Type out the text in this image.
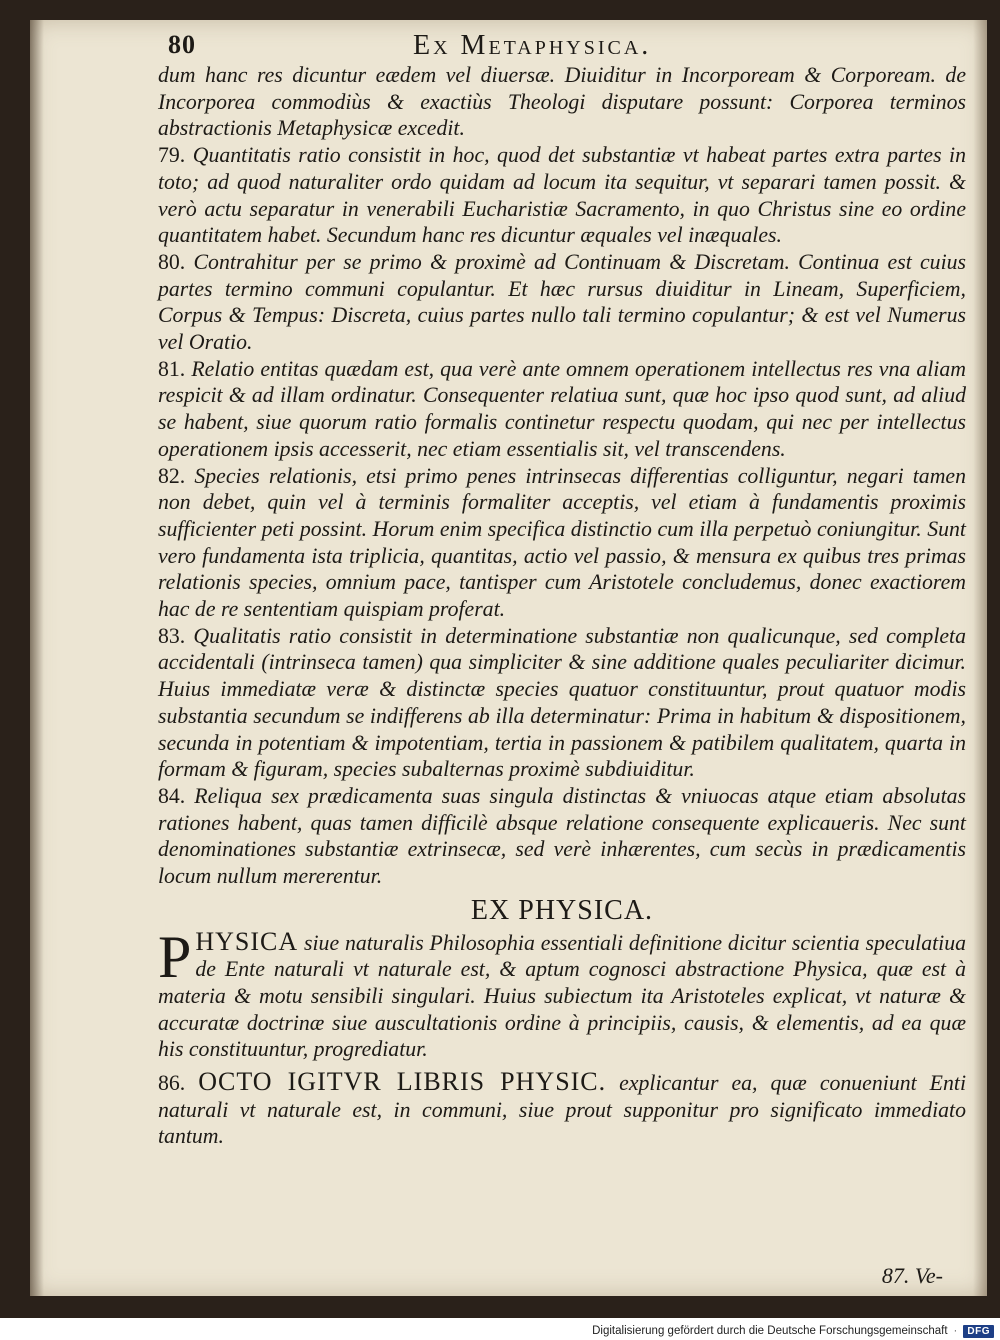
80	Ex Metaphysica.

dum hanc res dicuntur eædem vel diuersæ. Diuiditur in Incorpoream & Corpoream. de Incorporea commodiùs & exactiùs Theologi disputare possunt: Corporea terminos abstractionis Metaphysicæ excedit.

79. Quantitatis ratio consistit in hoc, quod det substantiæ vt habeat partes extra partes in toto; ad quod naturaliter ordo quidam ad locum ita sequitur, vt separari tamen possit. & verò actu separatur in venerabili Eucharistiæ Sacramento, in quo Christus sine eo ordine quantitatem habet. Secundum hanc res dicuntur æquales vel inæquales.

80. Contrahitur per se primo & proximè ad Continuam & Discretam. Continua est cuius partes termino communi copulantur. Et hæc rursus diuiditur in Lineam, Superficiem, Corpus & Tempus: Discreta, cuius partes nullo tali termino copulantur; & est vel Numerus vel Oratio.

81. Relatio entitas quædam est, qua verè ante omnem operationem intellectus res vna aliam respicit & ad illam ordinatur. Consequenter relatiua sunt, quæ hoc ipso quod sunt, ad aliud se habent, siue quorum ratio formalis continetur respectu quodam, qui nec per intellectus operationem ipsis accesserit, nec etiam essentialis sit, vel transcendens.

82. Species relationis, etsi primo penes intrinsecas differentias colliguntur, negari tamen non debet, quin vel à terminis formaliter acceptis, vel etiam à fundamentis proximis sufficienter peti possint. Horum enim specifica distinctio cum illa perpetuò coniungitur. Sunt vero fundamenta ista triplicia, quantitas, actio vel passio, & mensura ex quibus tres primas relationis species, omnium pace, tantisper cum Aristotele concludemus, donec exactiorem hac de re sententiam quispiam proferat.

83. Qualitatis ratio consistit in determinatione substantiæ non qualicunque, sed completa accidentali (intrinseca tamen) qua simpliciter & sine additione quales peculiariter dicimur. Huius immediatæ veræ & distinctæ species quatuor constituuntur, prout quatuor modis substantia secundum se indifferens ab illa determinatur: Prima in habitum & dispositionem, secunda in potentiam & impotentiam, tertia in passionem & patibilem qualitatem, quarta in formam & figuram, species subalternas proximè subdiuiditur.

84. Reliqua sex prædicamenta suas singula distinctas & vniuocas atque etiam absolutas rationes habent, quas tamen difficilè absque relatione consequente explicaueris. Nec sunt denominationes substantiæ extrinsecæ, sed verè inhærentes, cum secùs in prædicamentis locum nullum mererentur.

EX PHYSICA.

PHYSICA siue naturalis Philosophia essentiali definitione dicitur scientia speculatiua de Ente naturali vt naturale est, & aptum cognosci abstractione Physica, quæ est à materia & motu sensibili singulari. Huius subiectum ita Aristoteles explicat, vt naturæ & accuratæ doctrinæ siue auscultationis ordine à principiis, causis, & elementis, ad ea quæ his constituuntur, progrediatur.

86. OCTO IGITVR LIBRIS PHYSIC. explicantur ea, quæ conueniunt Enti naturali vt naturale est, in communi, siue prout supponitur pro significato immediato tantum.

87. Ve-
Digitalisierung gefördert durch die Deutsche Forschungsgemeinschaft ·	DFG
